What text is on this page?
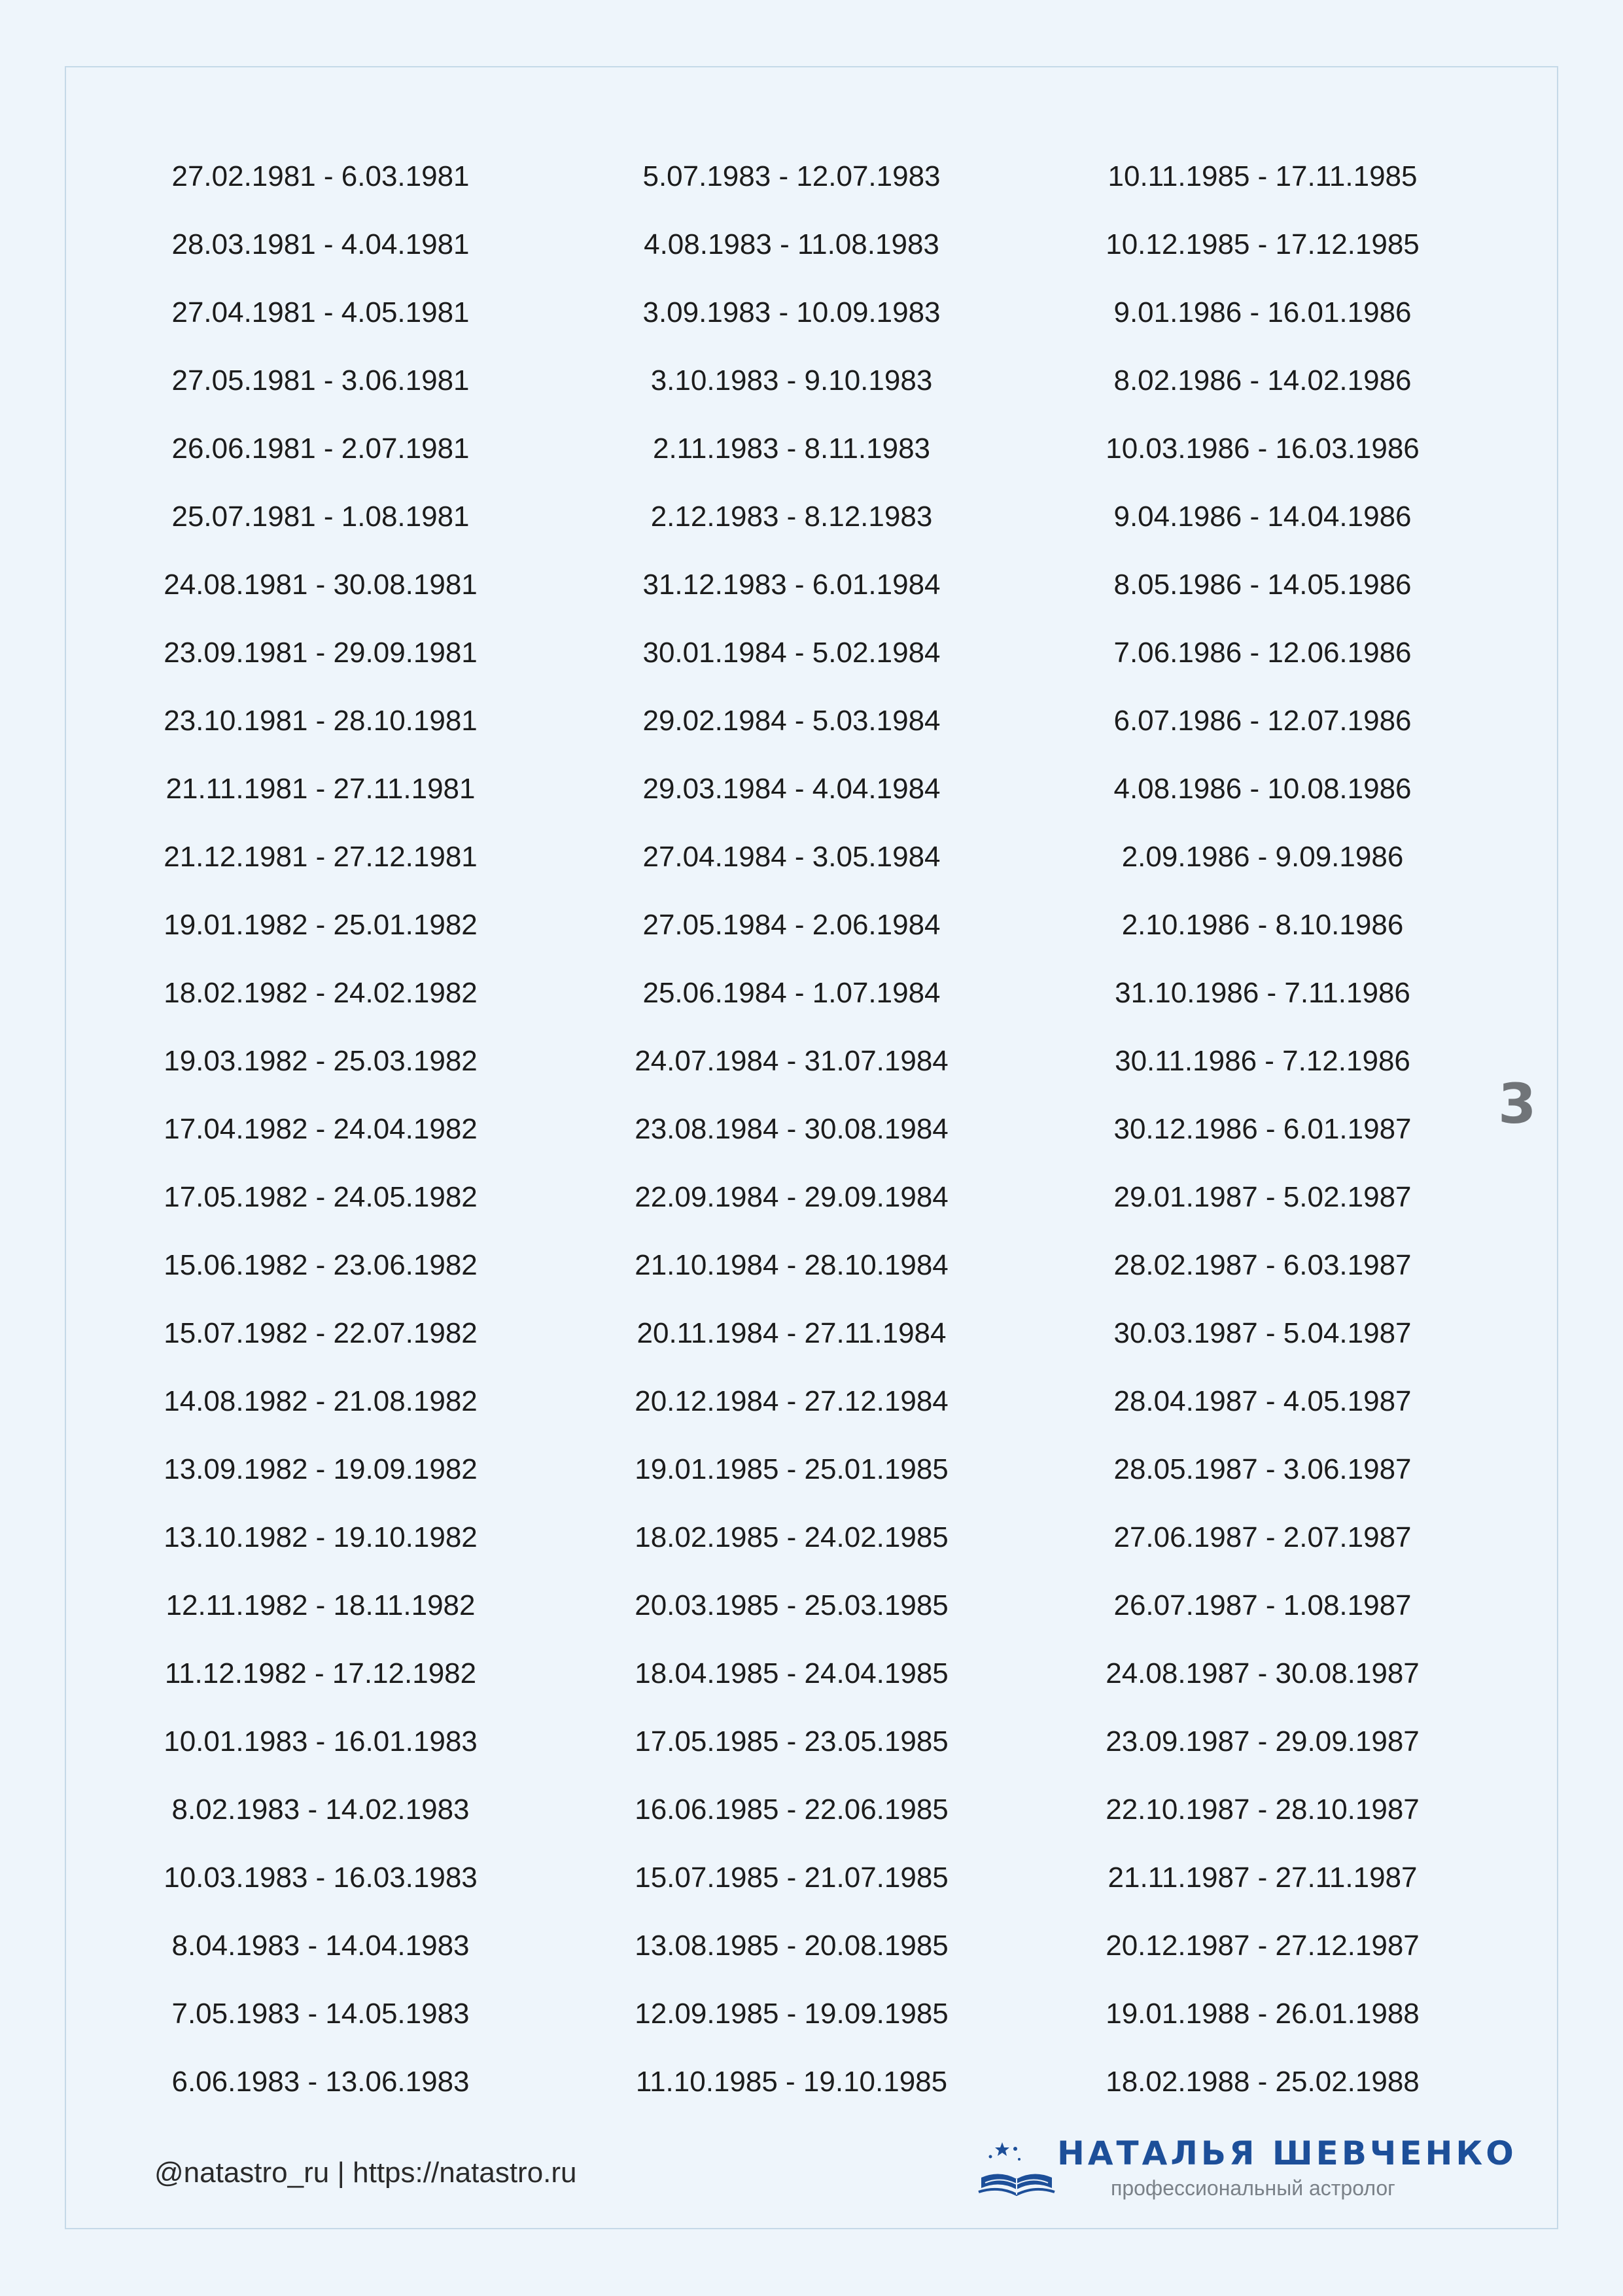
27.02.1981 - 6.03.1981
28.03.1981 - 4.04.1981
27.04.1981 - 4.05.1981
27.05.1981 - 3.06.1981
26.06.1981 - 2.07.1981
25.07.1981 - 1.08.1981
24.08.1981 - 30.08.1981
23.09.1981 - 29.09.1981
23.10.1981 - 28.10.1981
21.11.1981 - 27.11.1981
21.12.1981 - 27.12.1981
19.01.1982 - 25.01.1982
18.02.1982 - 24.02.1982
19.03.1982 - 25.03.1982
17.04.1982 - 24.04.1982
17.05.1982 - 24.05.1982
15.06.1982 - 23.06.1982
15.07.1982 - 22.07.1982
14.08.1982 - 21.08.1982
13.09.1982 - 19.09.1982
13.10.1982 - 19.10.1982
12.11.1982 - 18.11.1982
11.12.1982 - 17.12.1982
10.01.1983 - 16.01.1983
8.02.1983 - 14.02.1983
10.03.1983 - 16.03.1983
8.04.1983 - 14.04.1983
7.05.1983 - 14.05.1983
6.06.1983 - 13.06.1983
5.07.1983 - 12.07.1983
4.08.1983 - 11.08.1983
3.09.1983 - 10.09.1983
3.10.1983 - 9.10.1983
2.11.1983 - 8.11.1983
2.12.1983 - 8.12.1983
31.12.1983 - 6.01.1984
30.01.1984 - 5.02.1984
29.02.1984 - 5.03.1984
29.03.1984 - 4.04.1984
27.04.1984 - 3.05.1984
27.05.1984 - 2.06.1984
25.06.1984 - 1.07.1984
24.07.1984 - 31.07.1984
23.08.1984 - 30.08.1984
22.09.1984 - 29.09.1984
21.10.1984 - 28.10.1984
20.11.1984 - 27.11.1984
20.12.1984 - 27.12.1984
19.01.1985 - 25.01.1985
18.02.1985 - 24.02.1985
20.03.1985 - 25.03.1985
18.04.1985 - 24.04.1985
17.05.1985 - 23.05.1985
16.06.1985 - 22.06.1985
15.07.1985 - 21.07.1985
13.08.1985 - 20.08.1985
12.09.1985 - 19.09.1985
11.10.1985 - 19.10.1985
10.11.1985 - 17.11.1985
10.12.1985 - 17.12.1985
9.01.1986 - 16.01.1986
8.02.1986 - 14.02.1986
10.03.1986 - 16.03.1986
9.04.1986 - 14.04.1986
8.05.1986 - 14.05.1986
7.06.1986 - 12.06.1986
6.07.1986 - 12.07.1986
4.08.1986 - 10.08.1986
2.09.1986 - 9.09.1986
2.10.1986 - 8.10.1986
31.10.1986 - 7.11.1986
30.11.1986 - 7.12.1986
30.12.1986 - 6.01.1987
29.01.1987 - 5.02.1987
28.02.1987 - 6.03.1987
30.03.1987 - 5.04.1987
28.04.1987 - 4.05.1987
28.05.1987 - 3.06.1987
27.06.1987 - 2.07.1987
26.07.1987 - 1.08.1987
24.08.1987 - 30.08.1987
23.09.1987 - 29.09.1987
22.10.1987 - 28.10.1987
21.11.1987 - 27.11.1987
20.12.1987 - 27.12.1987
19.01.1988 - 26.01.1988
18.02.1988 - 25.02.1988
3
@natastro_ru | https://natastro.ru
НАТАЛЬЯ ШЕВЧЕНКО
профессиональный астролог
